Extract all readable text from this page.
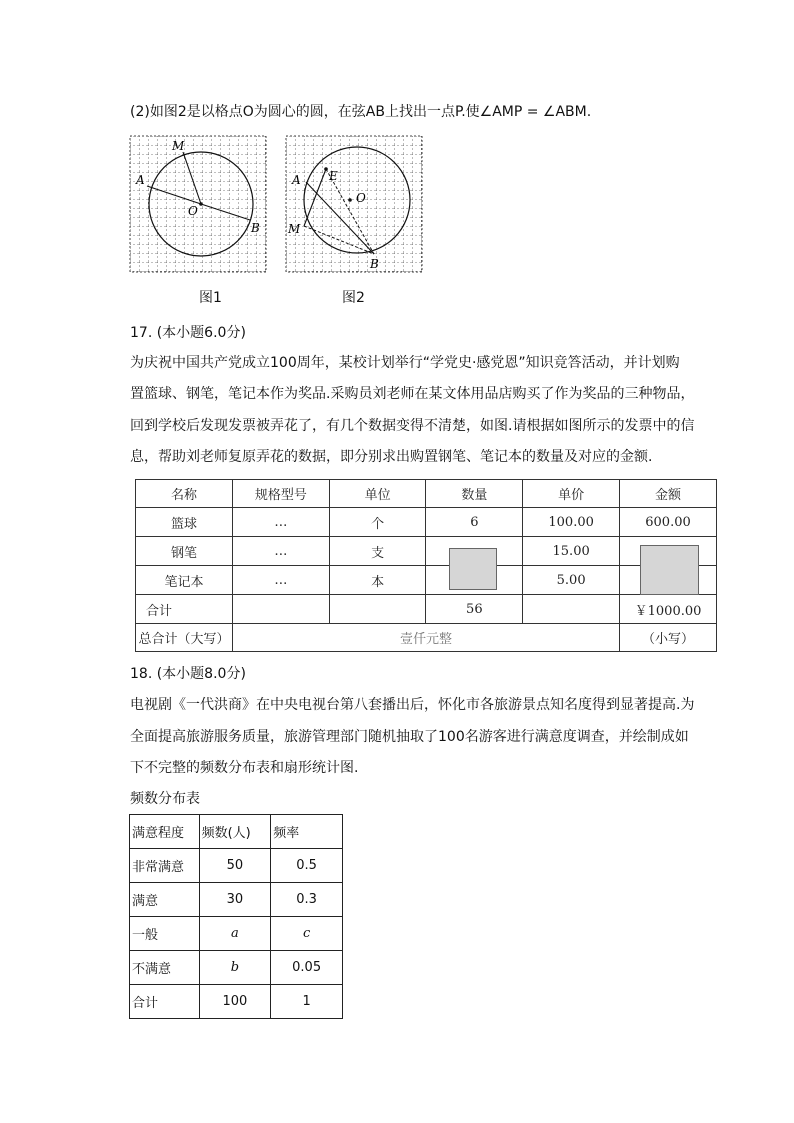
(2)如图2是以格点O为圆心的圆，在弦AB上找出一点P.使∠AMP = ∠ABM.
M
A
O
B
图1
A E
O
M
B
图2
17. (本小题6.0分)
为庆祝中国共产党成立100周年，某校计划举行“学党史·感党恩”知识竞答活动，并计划购
置篮球、钢笔，笔记本作为奖品.采购员刘老师在某文体用品店购买了作为奖品的三种物品，
回到学校后发现发票被弄花了，有几个数据变得不清楚，如图.请根据如图所示的发票中的信
息，帮助刘老师复原弄花的数据，即分别求出购置钢笔、笔记本的数量及对应的金额.
名称	规格型号	单位	数量	单价	金额
篮球	…	个	6	100.00	600.00
钢笔	…	支		15.00	
笔记本	…	本		5.00	
合计			56		￥1000.00
总合计（大写）	壹仟元整				（小写）
18. (本小题8.0分)
电视剧《一代洪商》在中央电视台第八套播出后，怀化市各旅游景点知名度得到显著提高.为
全面提高旅游服务质量，旅游管理部门随机抽取了100名游客进行满意度调查，并绘制成如
下不完整的频数分布表和扇形统计图.
频数分布表
满意程度	频数(人)	频率
非常满意	50	0.5
满意	30	0.3
一般	a	c
不满意	b	0.05
合计	100	1
